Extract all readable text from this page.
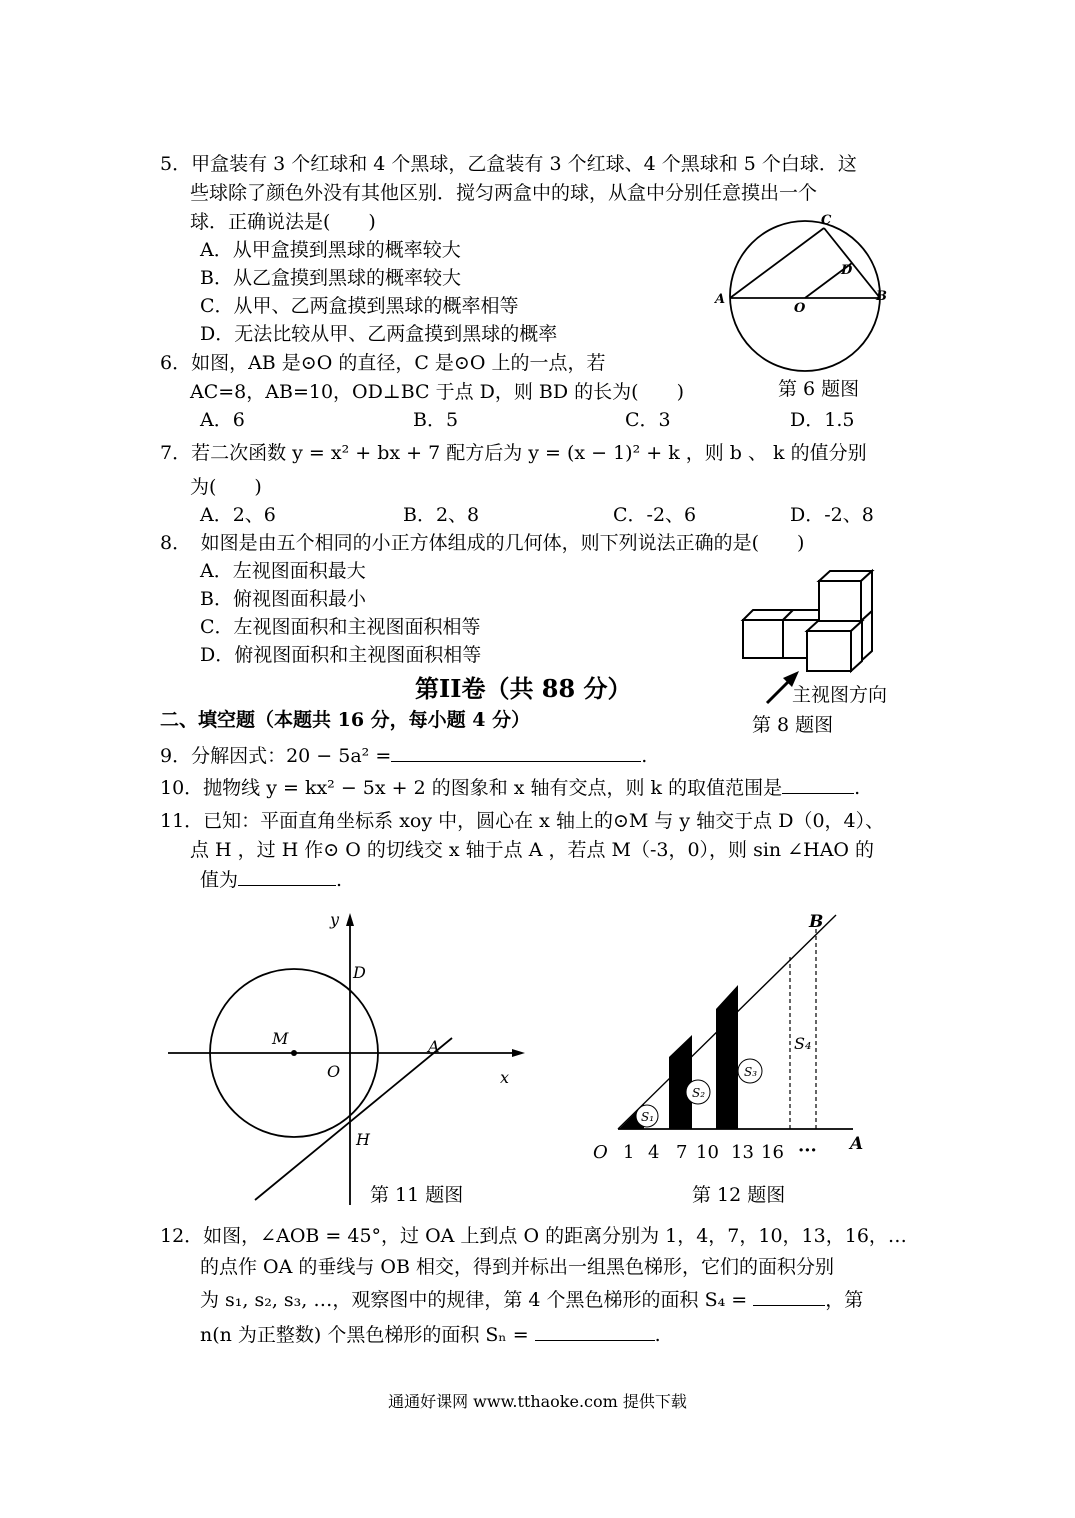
5．甲盒装有 3 个红球和 4 个黑球，乙盒装有 3 个红球、4 个黑球和 5 个白球．这
些球除了颜色外没有其他区别．搅匀两盒中的球，从盒中分别任意摸出一个
球．正确说法是(　　)
A．从甲盒摸到黑球的概率较大
B．从乙盒摸到黑球的概率较大
C．从甲、乙两盒摸到黑球的概率相等
D．无法比较从甲、乙两盒摸到黑球的概率
C
D
A
O
B
第 6 题图
6．如图，AB 是⊙O 的直径，C 是⊙O 上的一点，若
AC=8，AB=10，OD⊥BC 于点 D，则 BD 的长为(　　)
A．6	B．5	C．3	D．1.5
7．若二次函数 y = x² + bx + 7 配方后为 y = (x − 1)² + k ，则 b 、 k 的值分别
为(　　)
A．2、6	B．2、8	C．-2、6	D．-2、8
8．　如图是由五个相同的小正方体组成的几何体，则下列说法正确的是(　　)
A．左视图面积最大
B．俯视图面积最小
C．左视图面积和主视图面积相等
D．俯视图面积和主视图面积相等
主视图方向
第 8 题图
第II卷（共 88 分）
二、填空题（本题共 16 分，每小题 4 分）
9．分解因式：20 − 5a² =	.
10．抛物线 y = kx² − 5x + 2 的图象和 x 轴有交点，则 k 的取值范围是	.
11．已知：平面直角坐标系 xoy 中，圆心在 x 轴上的⊙M 与 y 轴交于点 D（0，4）、
点 H ，过 H 作⊙ O 的切线交 x 轴于点 A ，若点 M（-3，0），则 sin ∠HAO 的
值为	.
y
D
M
O
A
x
H
第 11 题图
S₁
S₂
S₃
B
S₄
A
O 1 4 7 10 13 16 ···
第 12 题图
12．如图，∠AOB = 45°，过 OA 上到点 O 的距离分别为 1，4，7，10，13，16，…
的点作 OA 的垂线与 OB 相交，得到并标出一组黑色梯形，它们的面积分别
为 s₁, s₂, s₃, …，观察图中的规律，第 4 个黑色梯形的面积 S₄ =	，第
n(n 为正整数) 个黑色梯形的面积 Sₙ =	.
通通好课网 www.tthaoke.com 提供下载
